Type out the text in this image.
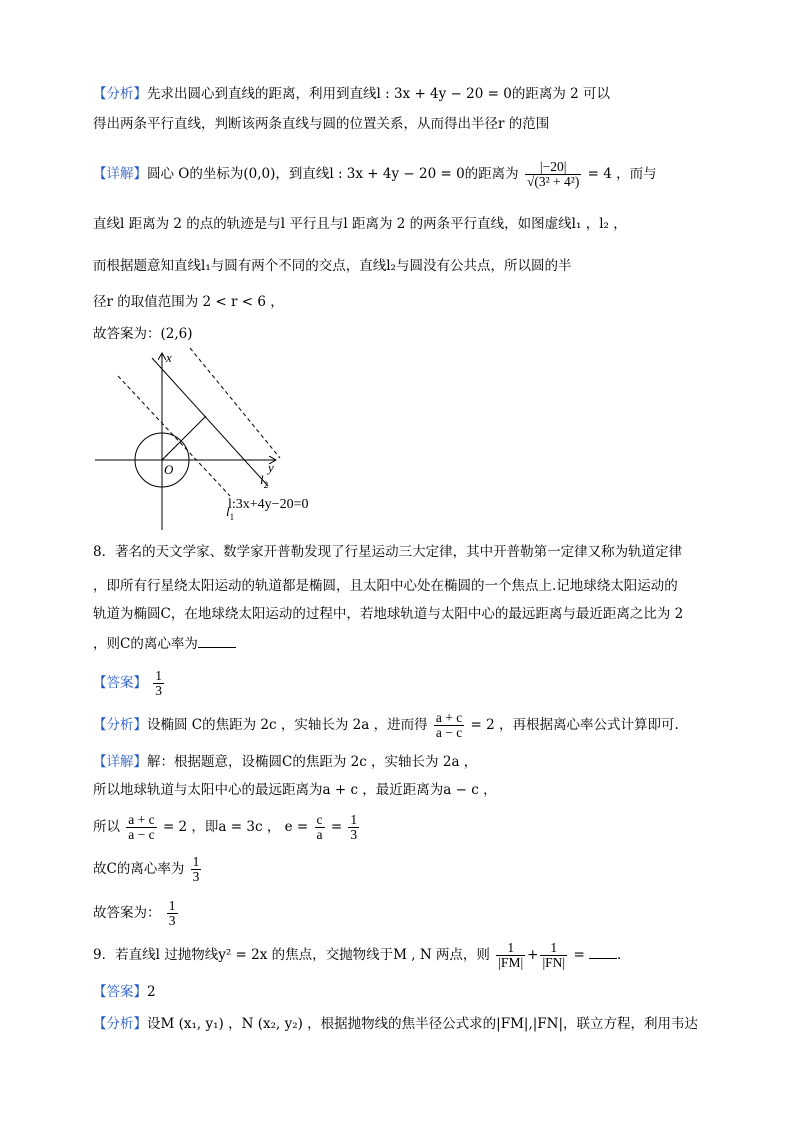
【分析】先求出圆心到直线的距离，利用到直线l : 3x + 4y − 20 = 0的距离为 2 可以
得出两条平行直线，判断该两条直线与圆的位置关系，从而得出半径r 的范围
【详解】圆心 O的坐标为(0,0)，到直线l : 3x + 4y − 20 = 0的距离为 $\frac{|-20|}{\text{√(3² + 4²)}} = 4$ ，而与
直线l 距离为 2 的点的轨迹是与l 平行且与l 距离为 2 的两条平行直线，如图虚线l₁ ，l₂ ，
而根据题意知直线l₁与圆有两个不同的交点，直线l₂与圆没有公共点，所以圆的半
径r 的取值范围为 2 < r < 6 ，
故答案为：(2,6)
x
y
O
$l_2$
l:3x+4y−20=0
$l_1$
8．著名的天文学家、数学家开普勒发现了行星运动三大定律，其中开普勒第一定律又称为轨道定律
，即所有行星绕太阳运动的轨道都是椭圆，且太阳中心处在椭圆的一个焦点上.记地球绕太阳运动的
轨道为椭圆C，在地球绕太阳运动的过程中，若地球轨道与太阳中心的最远距离与最近距离之比为 2
，则C的离心率为
【答案】 $\frac{1}{3}$
【分析】设椭圆 C的焦距为 2c ，实轴长为 2a ，进而得 $\frac{a + c}{a - c} = 2$ ，再根据离心率公式计算即可.
【详解】解：根据题意，设椭圆C的焦距为 2c ，实轴长为 2a ，
所以地球轨道与太阳中心的最远距离为a + c ，最近距离为a − c ，
所以 $\frac{a + c}{a - c} = 2$ ，即a = 3c ， $e = \frac{c}{a} = \frac{1}{3}$
故C的离心率为 $\frac{1}{3}$
故答案为： $\frac{1}{3}$
9．若直线l 过抛物线y² = 2x 的焦点，交抛物线于M , N 两点，则 $\frac{1}{|FM|} + \frac{1}{|FN|}$ = .
【答案】2
【分析】设M (x₁, y₁) ，N (x₂, y₂) ，根据抛物线的焦半径公式求的|FM|,|FN|，联立方程，利用韦达
